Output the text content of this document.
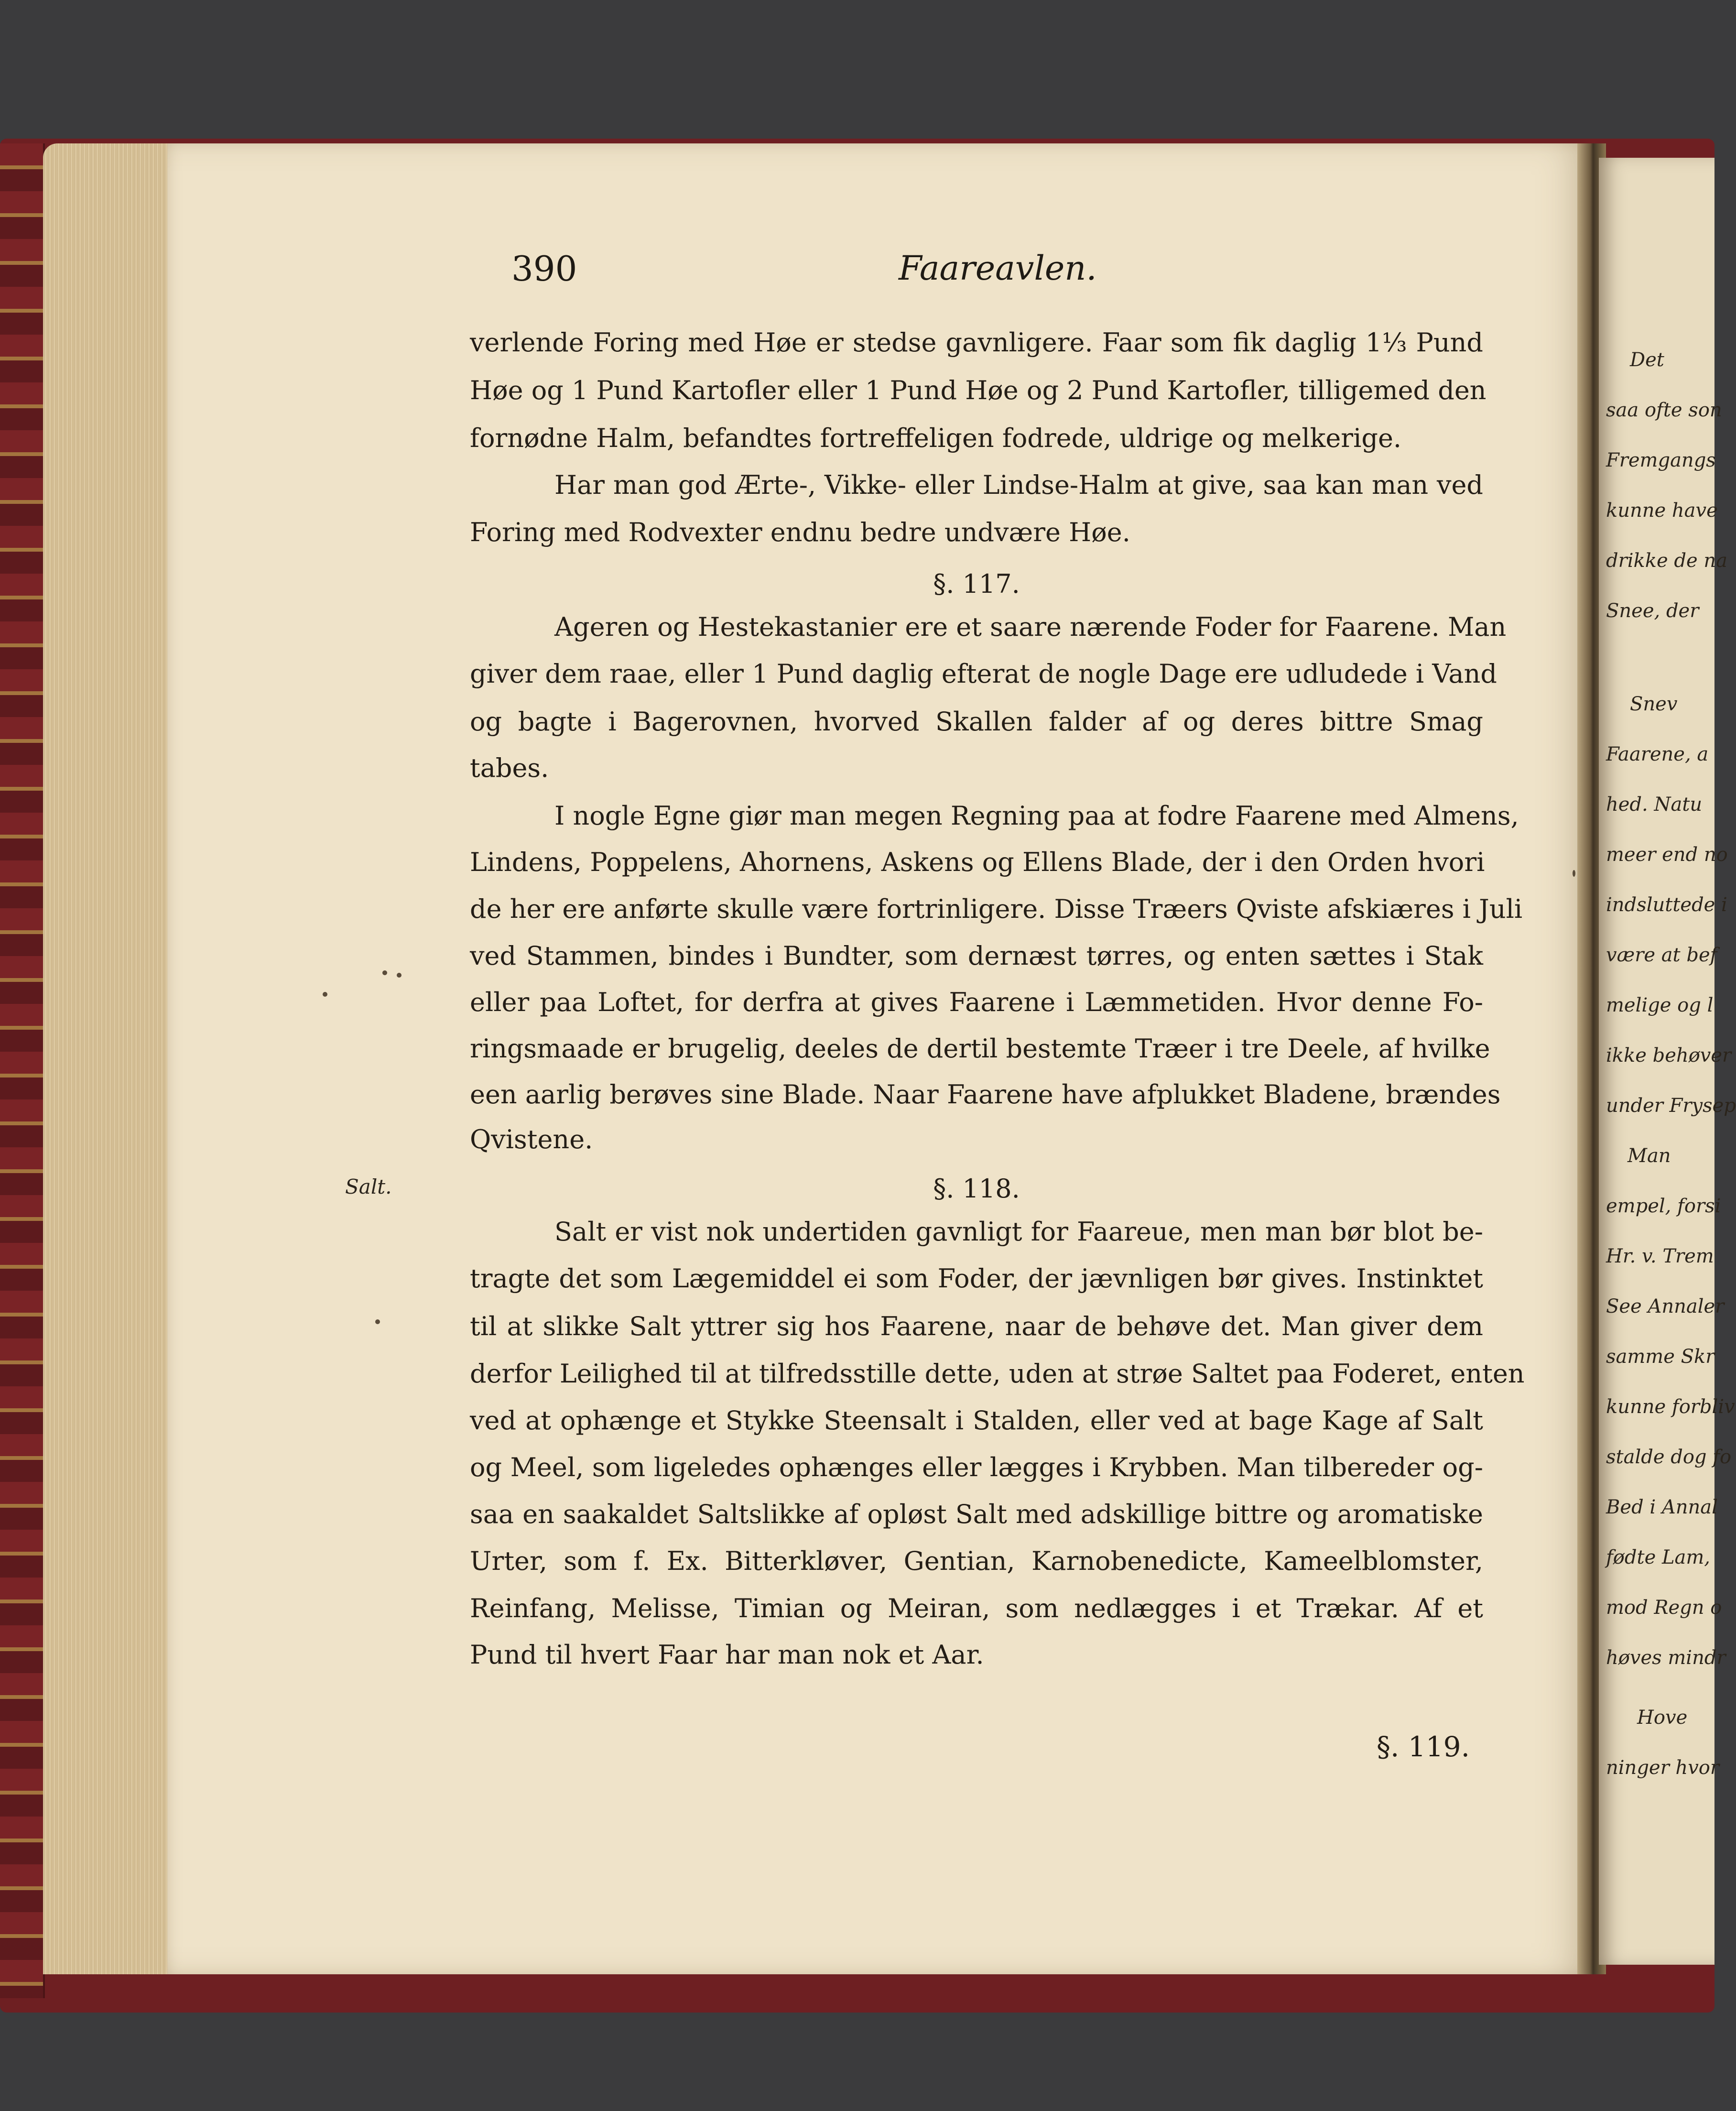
Det
saa ofte son
Fremgangs
kunne have
drikke de na
Snee, der
Snev
Faarene, a
hed. Natu
meer end no
indsluttede i
være at bef
melige og l
ikke behøver
under Frysep
Man
empel, forsi
Hr. v. Trem
See Annaler
samme Skr
kunne forbliv
stalde dog fo
Bed i Annal
fødte Lam,
mod Regn o
høves mindr
Hove
ninger hvor
390	Faareavlen.
verlende Foring med Høe er stedse gavnligere. Faar som fik daglig 1⅓ Pund
Høe og 1 Pund Kartofler eller 1 Pund Høe og 2 Pund Kartofler, tilligemed den
fornødne Halm, befandtes fortreffeligen fodrede, uldrige og melkerige.
Har man god Ærte-, Vikke- eller Lindse-Halm at give, saa kan man ved
Foring med Rodvexter endnu bedre undvære Høe.
§. 117.
Ageren og Hestekastanier ere et saare nærende Foder for Faarene. Man
giver dem raae, eller 1 Pund daglig efterat de nogle Dage ere udludede i Vand
og bagte i Bagerovnen, hvorved Skallen falder af og deres bittre Smag
tabes.
I nogle Egne giør man megen Regning paa at fodre Faarene med Almens,
Lindens, Poppelens, Ahornens, Askens og Ellens Blade, der i den Orden hvori
de her ere anførte skulle være fortrinligere. Disse Træers Qviste afskiæres i Juli
ved Stammen, bindes i Bundter, som dernæst tørres, og enten sættes i Stak
eller paa Loftet, for derfra at gives Faarene i Læmmetiden. Hvor denne Fo-
ringsmaade er brugelig, deeles de dertil bestemte Træer i tre Deele, af hvilke
een aarlig berøves sine Blade. Naar Faarene have afplukket Bladene, brændes
Qvistene.
§. 118.
Salt.
Salt er vist nok undertiden gavnligt for Faareue, men man bør blot be-
tragte det som Lægemiddel ei som Foder, der jævnligen bør gives. Instinktet
til at slikke Salt yttrer sig hos Faarene, naar de behøve det. Man giver dem
derfor Leilighed til at tilfredsstille dette, uden at strøe Saltet paa Foderet, enten
ved at ophænge et Stykke Steensalt i Stalden, eller ved at bage Kage af Salt
og Meel, som ligeledes ophænges eller lægges i Krybben. Man tilbereder og-
saa en saakaldet Saltslikke af opløst Salt med adskillige bittre og aromatiske
Urter, som f. Ex. Bitterkløver, Gentian, Karnobenedicte, Kameelblomster,
Reinfang, Melisse, Timian og Meiran, som nedlægges i et Trækar. Af et
Pund til hvert Faar har man nok et Aar.
§. 119.
